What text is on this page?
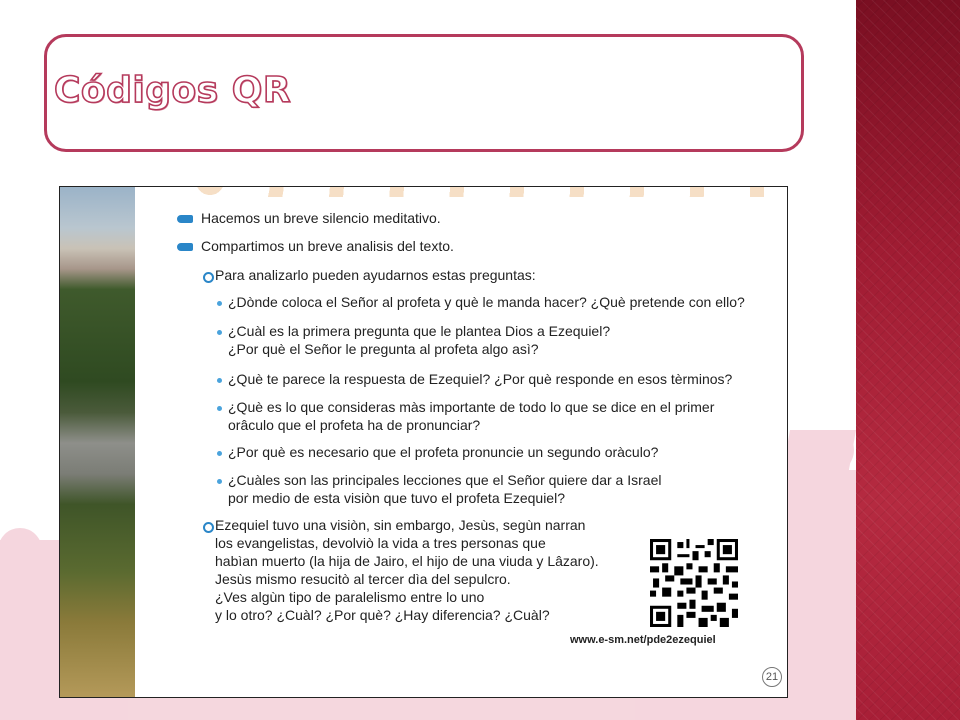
Códigos QR
Hacemos un breve silencio meditativo.
Compartimos un breve analisis del texto.
Para analizarlo pueden ayudarnos estas preguntas:
¿Dònde coloca el Señor al profeta y què le manda hacer? ¿Què pretende con ello?
¿Cuàl es la primera pregunta que le plantea Dios a Ezequiel?
¿Por què el Señor le pregunta al profeta algo asì?
¿Què te parece la respuesta de Ezequiel? ¿Por què responde en esos tèrminos?
¿Què es lo que consideras màs importante de todo lo que se dice en el primer
orâculo que el profeta ha de pronunciar?
¿Por què es necesario que el profeta pronuncie un segundo oràculo?
¿Cuàles son las principales lecciones que el Señor quiere dar a Israel
por medio de esta visiòn que tuvo el profeta Ezequiel?
Ezequiel tuvo una visiòn, sin embargo, Jesùs, segùn narran
los evangelistas, devolviò la vida a tres personas que
habìan muerto (la hija de Jairo, el hijo de una viuda y Lâzaro).
Jesùs mismo resucitò al tercer dìa del sepulcro.
¿Ves algùn tipo de paralelismo entre lo uno
y lo otro? ¿Cuàl? ¿Por què? ¿Hay diferencia? ¿Cuàl?
www.e-sm.net/pde2ezequiel
21
